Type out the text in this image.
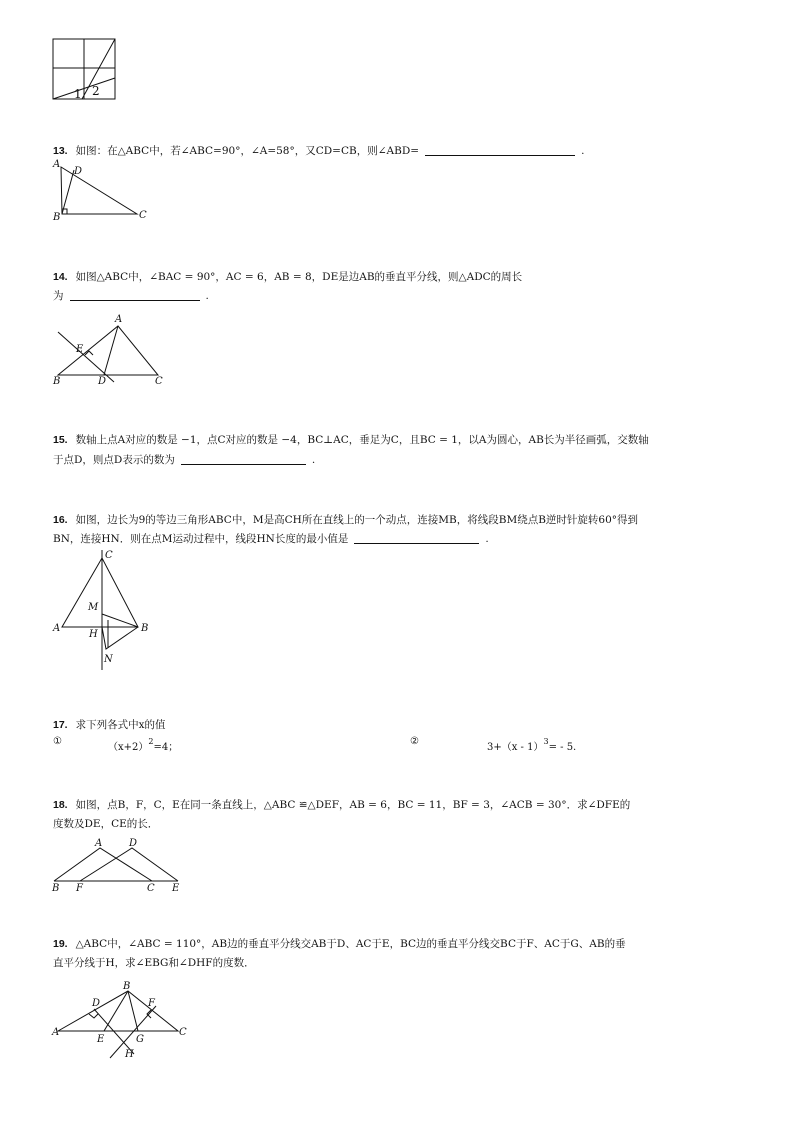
1 2
13. 如图：在△ABC中，若∠ABC=90°，∠A=58°，又CD=CB，则∠ABD=	.
A
D
B	C
14. 如图△ABC中，∠BAC = 90°，AC = 6，AB = 8，DE是边AB的垂直平分线，则△ADC的周长
为	.
A
E
B	D	C
15. 数轴上点A对应的数是 −1，点C对应的数是 −4，BC⊥AC，垂足为C，且BC = 1，以A为圆心，AB长为半径画弧，交数轴
于点D，则点D表示的数为	.
16. 如图，边长为9的等边三角形ABC中，M是高CH所在直线上的一个动点，连接MB，将线段BM绕点B逆时针旋转60°得到
BN，连接HN．则在点M运动过程中，线段HN长度的最小值是	.
C
M
A
H
B
N
17. 求下列各式中x的值
①
$(x+2)^2=4$；
②
3+（x - 1）$^3$= - 5.
18. 如图，点B，F，C，E在同一条直线上，△ABC ≌△DEF，AB = 6，BC = 11，BF = 3，∠ACB = 30°．求∠DFE的
度数及DE，CE的长．
A	D
B F	C E
19. △ABC中，∠ABC = 110°，AB边的垂直平分线交AB于D、AC于E，BC边的垂直平分线交BC于F、AC于G、AB的垂
直平分线于H，求∠EBG和∠DHF的度数．
B
D	F
A
E	G
C
H
